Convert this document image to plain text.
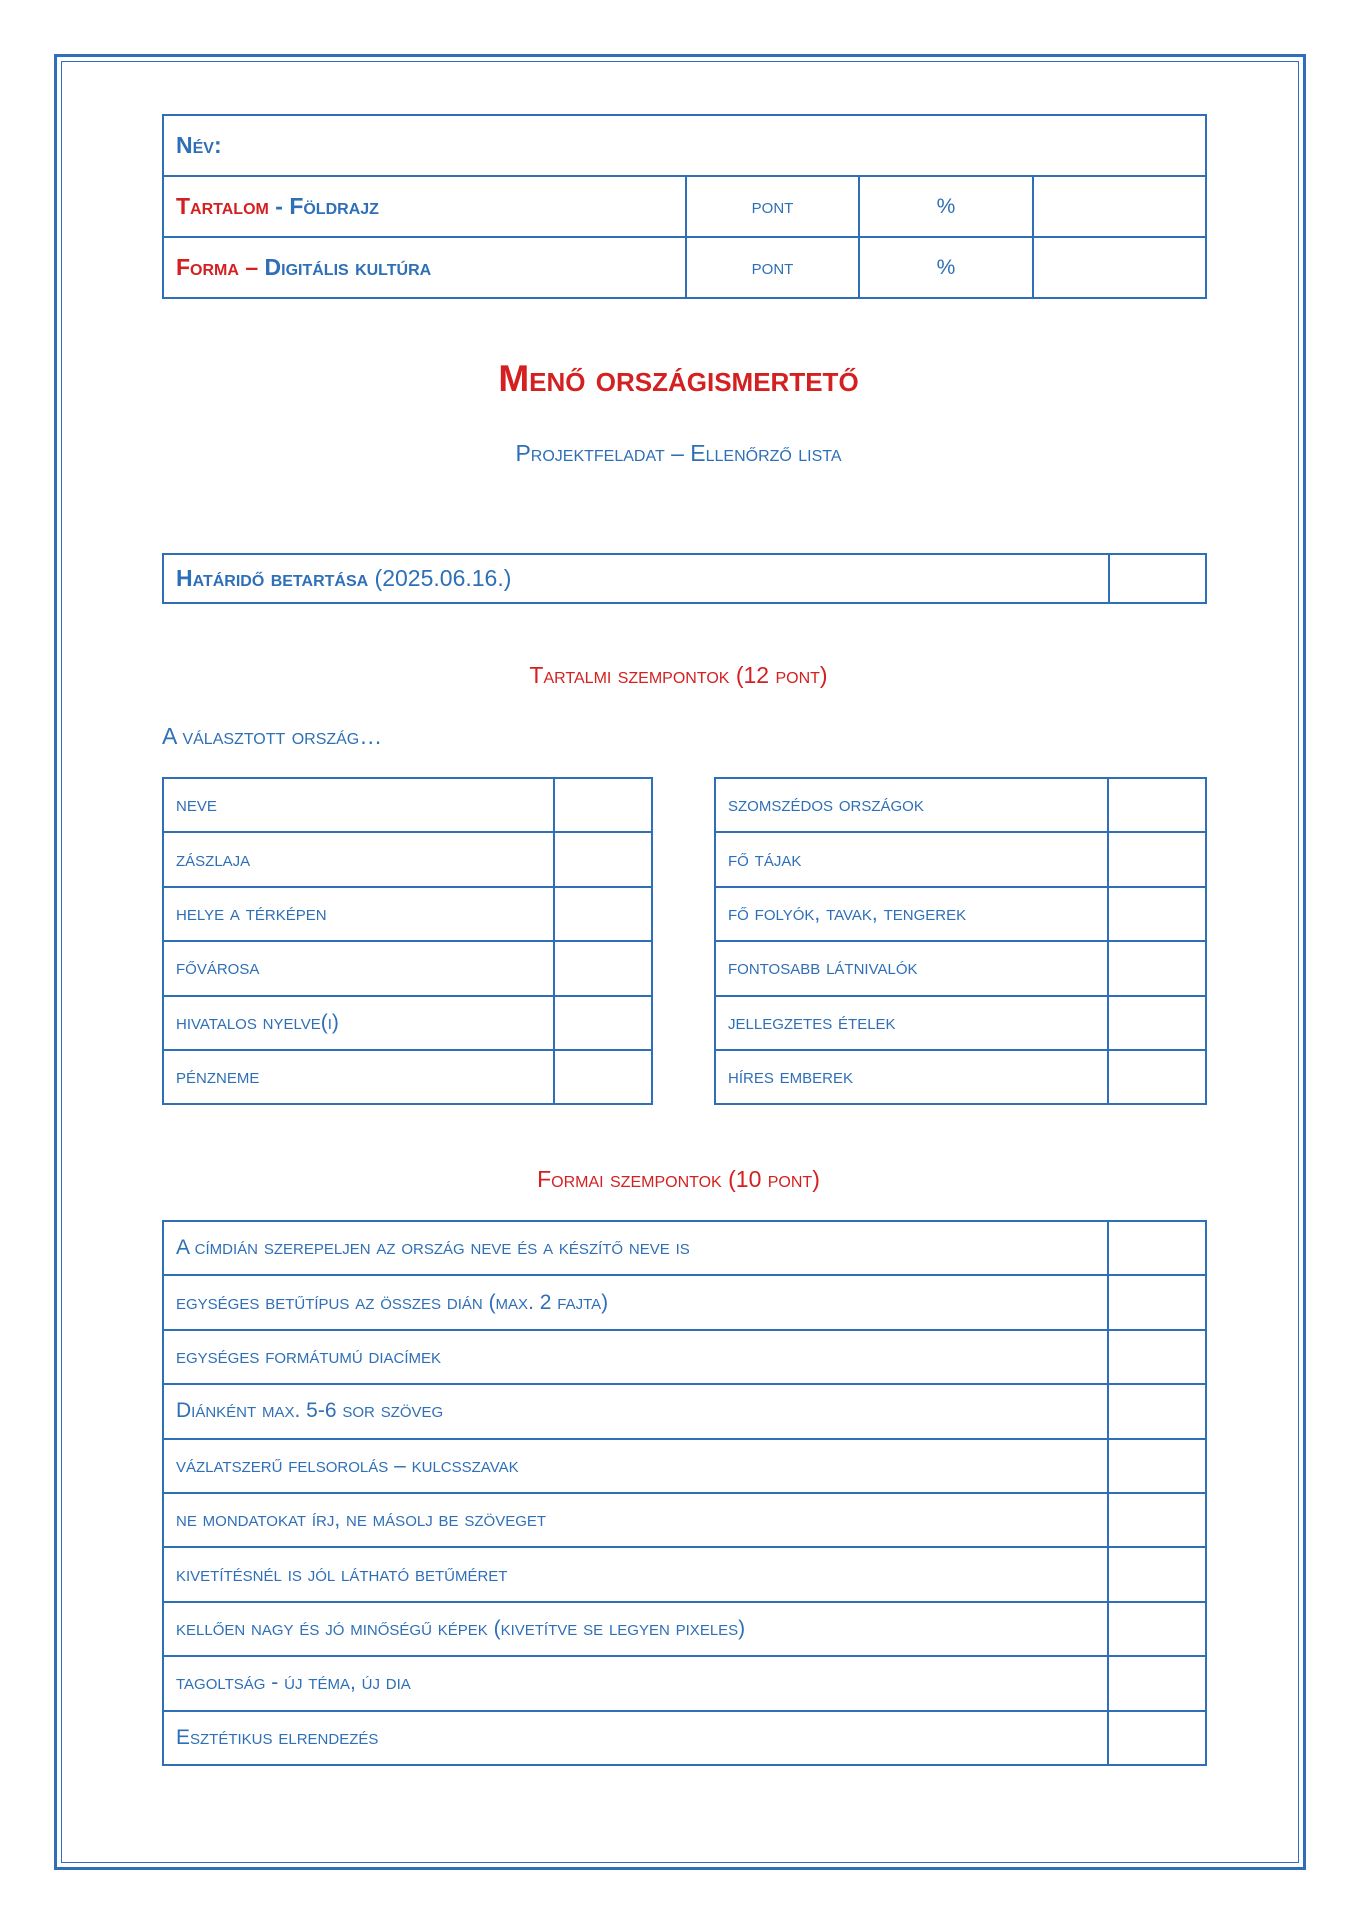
Név:			
Tartalom - Földrajz	pont	%	
Forma – Digitális kultúra	pont	%	
Menő országismertető
Projektfeladat – Ellenőrző lista
Határidő betartása (2025.06.16.)	
Tartalmi szempontok (12 pont)
A választott ország…
neve	
zászlaja	
helye a térképen	
fővárosa	
hivatalos nyelve(i)	
pénzneme	
szomszédos országok	
fő tájak	
fő folyók, tavak, tengerek	
fontosabb látnivalók	
jellegzetes ételek	
híres emberek	
Formai szempontok (10 pont)
A címdián szerepeljen az ország neve és a készítő neve is	
egységes betűtípus az összes dián (max. 2 fajta)	
egységes formátumú diacímek	
Diánként max. 5-6 sor szöveg	
vázlatszerű felsorolás – kulcsszavak	
ne mondatokat írj, ne másolj be szöveget	
kivetítésnél is jól látható betűméret	
kellően nagy és jó minőségű képek (kivetítve se legyen pixeles)	
tagoltság - új téma, új dia	
Esztétikus elrendezés	
